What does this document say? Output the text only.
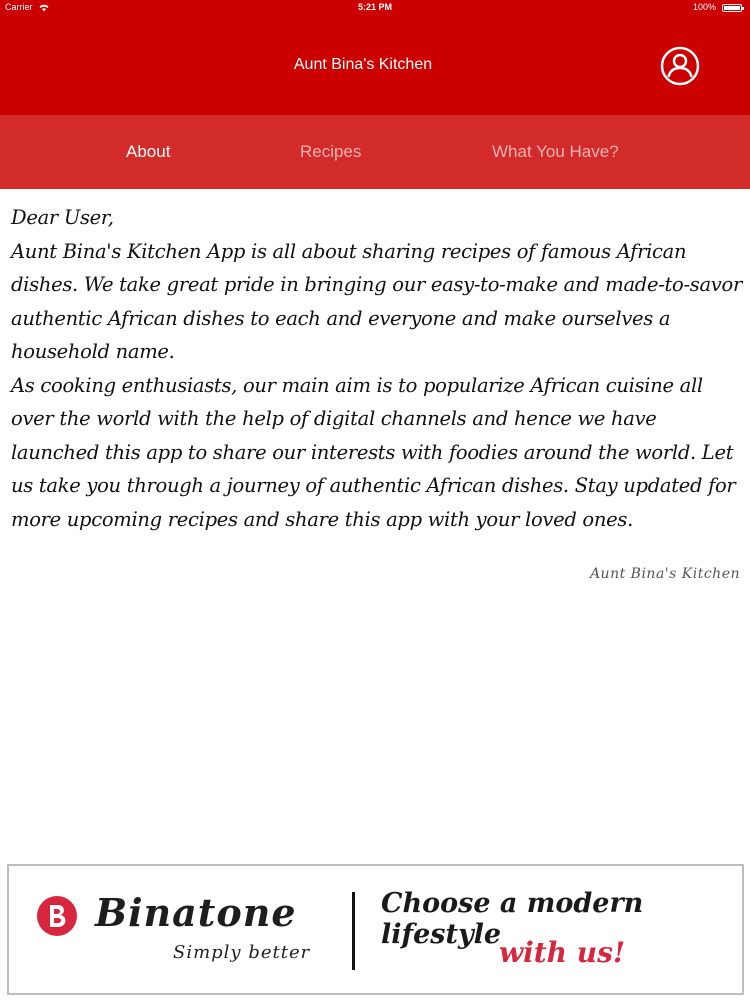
Carrier	5:21 PM	100%
Aunt Bina's Kitchen
About	Recipes	What You Have?

Dear User,

Aunt Bina's Kitchen App is all about sharing recipes of famous African dishes. We take great pride in bringing our easy-to-make and made-to-savor authentic African dishes to each and everyone and make ourselves a household name.

As cooking enthusiasts, our main aim is to popularize African cuisine all over the world with the help of digital channels and hence we have launched this app to share our interests with foodies around the world. Let us take you through a journey of authentic African dishes. Stay updated for more upcoming recipes and share this app with your loved ones.

Aunt Bina's Kitchen
Binatone
Simply better
Choose a modern lifestyle
with us!
